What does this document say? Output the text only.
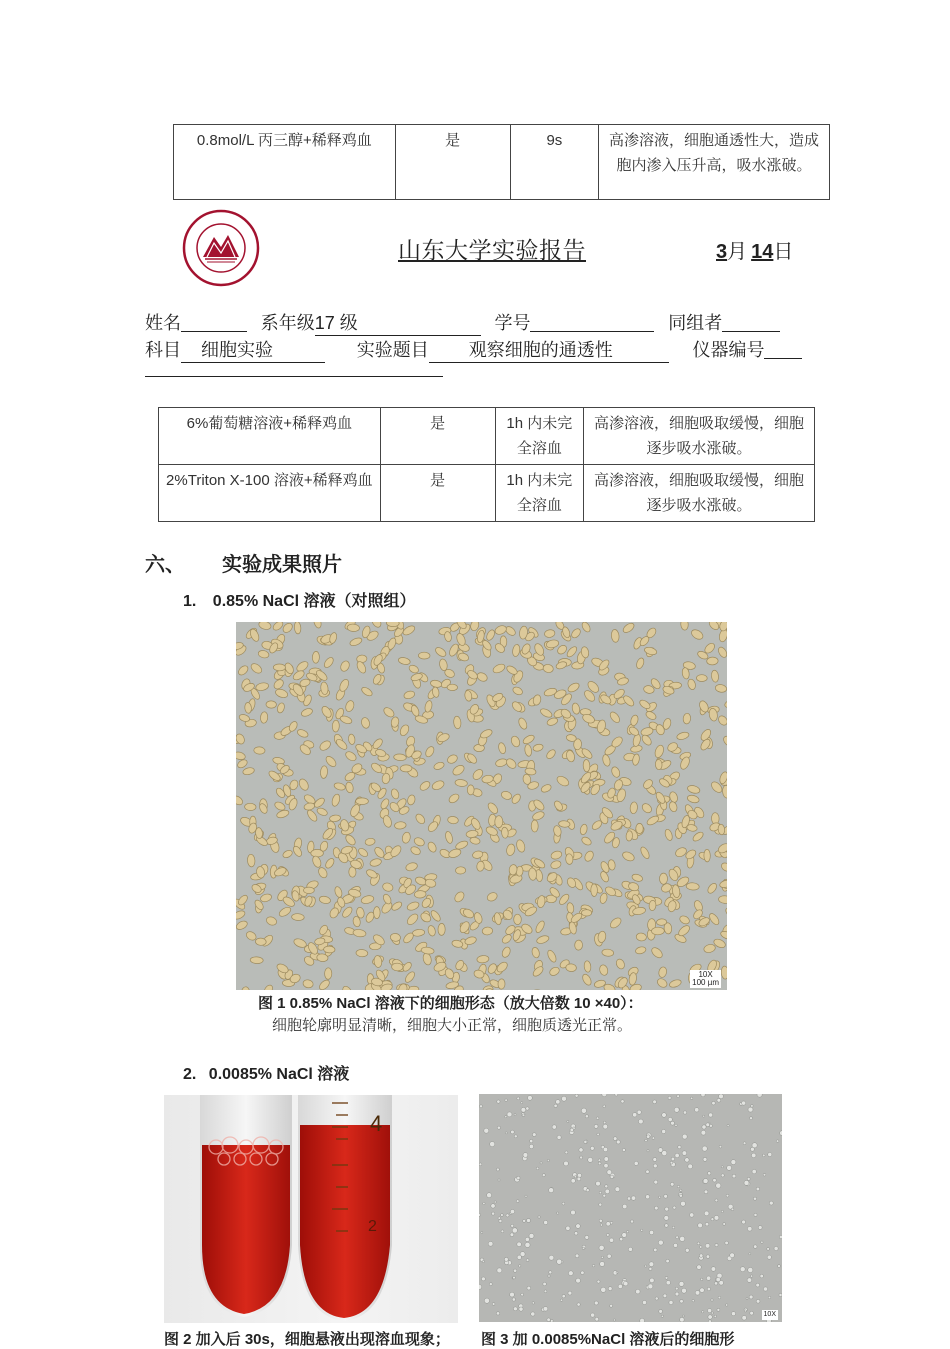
0.8mol/L 丙三醇+稀释鸡血	是	9s	高渗溶液，细胞通透性大，造成胞内渗入压升高，吸水涨破。
山东大学实验报告	3月 14日
姓名	系年级17 级	学号	同组者
科目 细胞实验	实验题目 观察细胞的通透性	仪器编号
6%葡萄糖溶液+稀释鸡血	是	1h 内未完全溶血	高渗溶液，细胞吸取缓慢，细胞逐步吸水涨破。
2%Triton X-100 溶液+稀释鸡血	是	1h 内未完全溶血	高渗溶液，细胞吸取缓慢，细胞逐步吸水涨破。
六、 实验成果照片
1. 0.85% NaCl 溶液（对照组）
10X
100 µm
图 1 0.85% NaCl 溶液下的细胞形态（放大倍数 10 ×40）：
细胞轮廓明显清晰，细胞大小正常，细胞质透光正常。
2. 0.0085% NaCl 溶液
4
2
10X
图 2 加入后 30s，细胞悬液出现溶血现象； 图 3 加 0.0085%NaCl 溶液后的细胞形
